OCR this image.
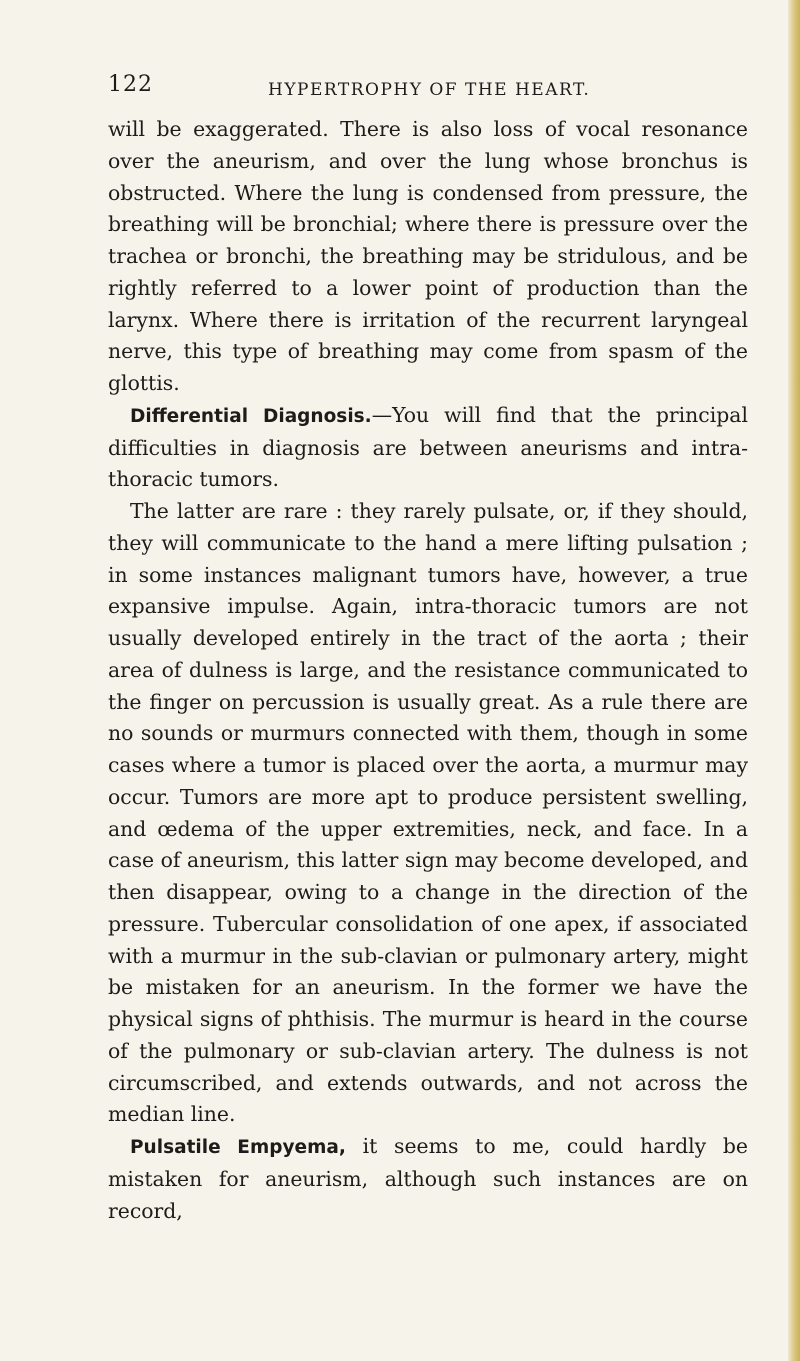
122	HYPERTROPHY OF THE HEART.

will be exaggerated. There is also loss of vocal resonance over the aneurism, and over the lung whose bronchus is obstructed. Where the lung is condensed from pressure, the breathing will be bronchial; where there is pressure over the trachea or bronchi, the breathing may be stridulous, and be rightly referred to a lower point of production than the larynx. Where there is irritation of the recurrent laryngeal nerve, this type of breathing may come from spasm of the glottis.

Differential Diagnosis.—You will find that the principal difficulties in diagnosis are between aneurisms and intra-thoracic tumors.

The latter are rare : they rarely pulsate, or, if they should, they will communicate to the hand a mere lifting pulsation ; in some instances malignant tumors have, however, a true expansive impulse. Again, intra-thoracic tumors are not usually developed entirely in the tract of the aorta ; their area of dulness is large, and the resistance communicated to the finger on percussion is usually great. As a rule there are no sounds or murmurs connected with them, though in some cases where a tumor is placed over the aorta, a murmur may occur. Tumors are more apt to produce persistent swelling, and œdema of the upper extremities, neck, and face. In a case of aneurism, this latter sign may become developed, and then disappear, owing to a change in the direction of the pressure. Tubercular consolidation of one apex, if associated with a murmur in the sub-clavian or pulmonary artery, might be mistaken for an aneurism. In the former we have the physical signs of phthisis. The murmur is heard in the course of the pulmonary or sub-clavian artery. The dulness is not circumscribed, and extends outwards, and not across the median line.

Pulsatile Empyema, it seems to me, could hardly be mistaken for aneurism, although such instances are on record,
